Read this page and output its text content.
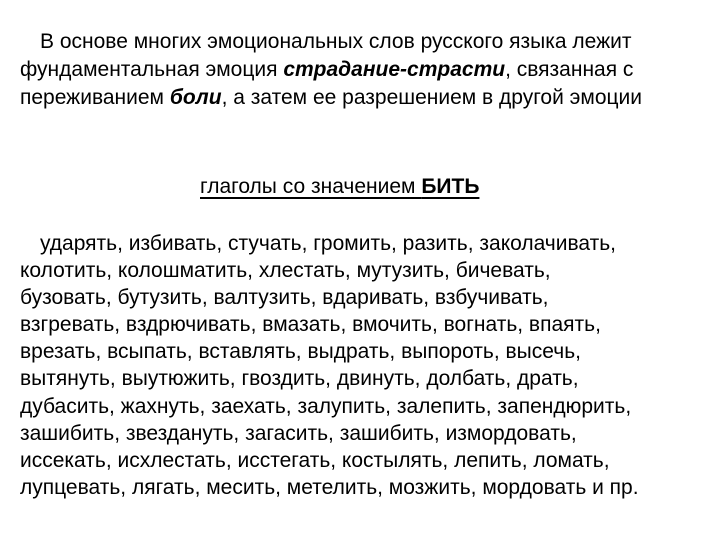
В основе многих эмоциональных слов русского языка лежит фундаментальная эмоция страдание-страсти, связанная с переживанием боли, а затем ее разрешением в другой эмоции

глаголы со значением БИТЬ

ударять, избивать, стучать, громить, разить, заколачивать,
колотить, колошматить, хлестать, мутузить, бичевать,
бузовать, бутузить, валтузить, вдаривать, взбучивать,
взгревать, вздрючивать, вмазать, вмочить, вогнать, впаять,
врезать, всыпать, вставлять, выдрать, выпороть, высечь,
вытянуть, выутюжить, гвоздить, двинуть, долбать, драть,
дубасить, жахнуть, заехать, залупить, залепить, запендюрить,
зашибить, звездануть, загасить, зашибить, измордовать,
иссекать, исхлестать, исстегать, костылять, лепить, ломать,
лупцевать, лягать, месить, метелить, мозжить, мордовать и пр.
